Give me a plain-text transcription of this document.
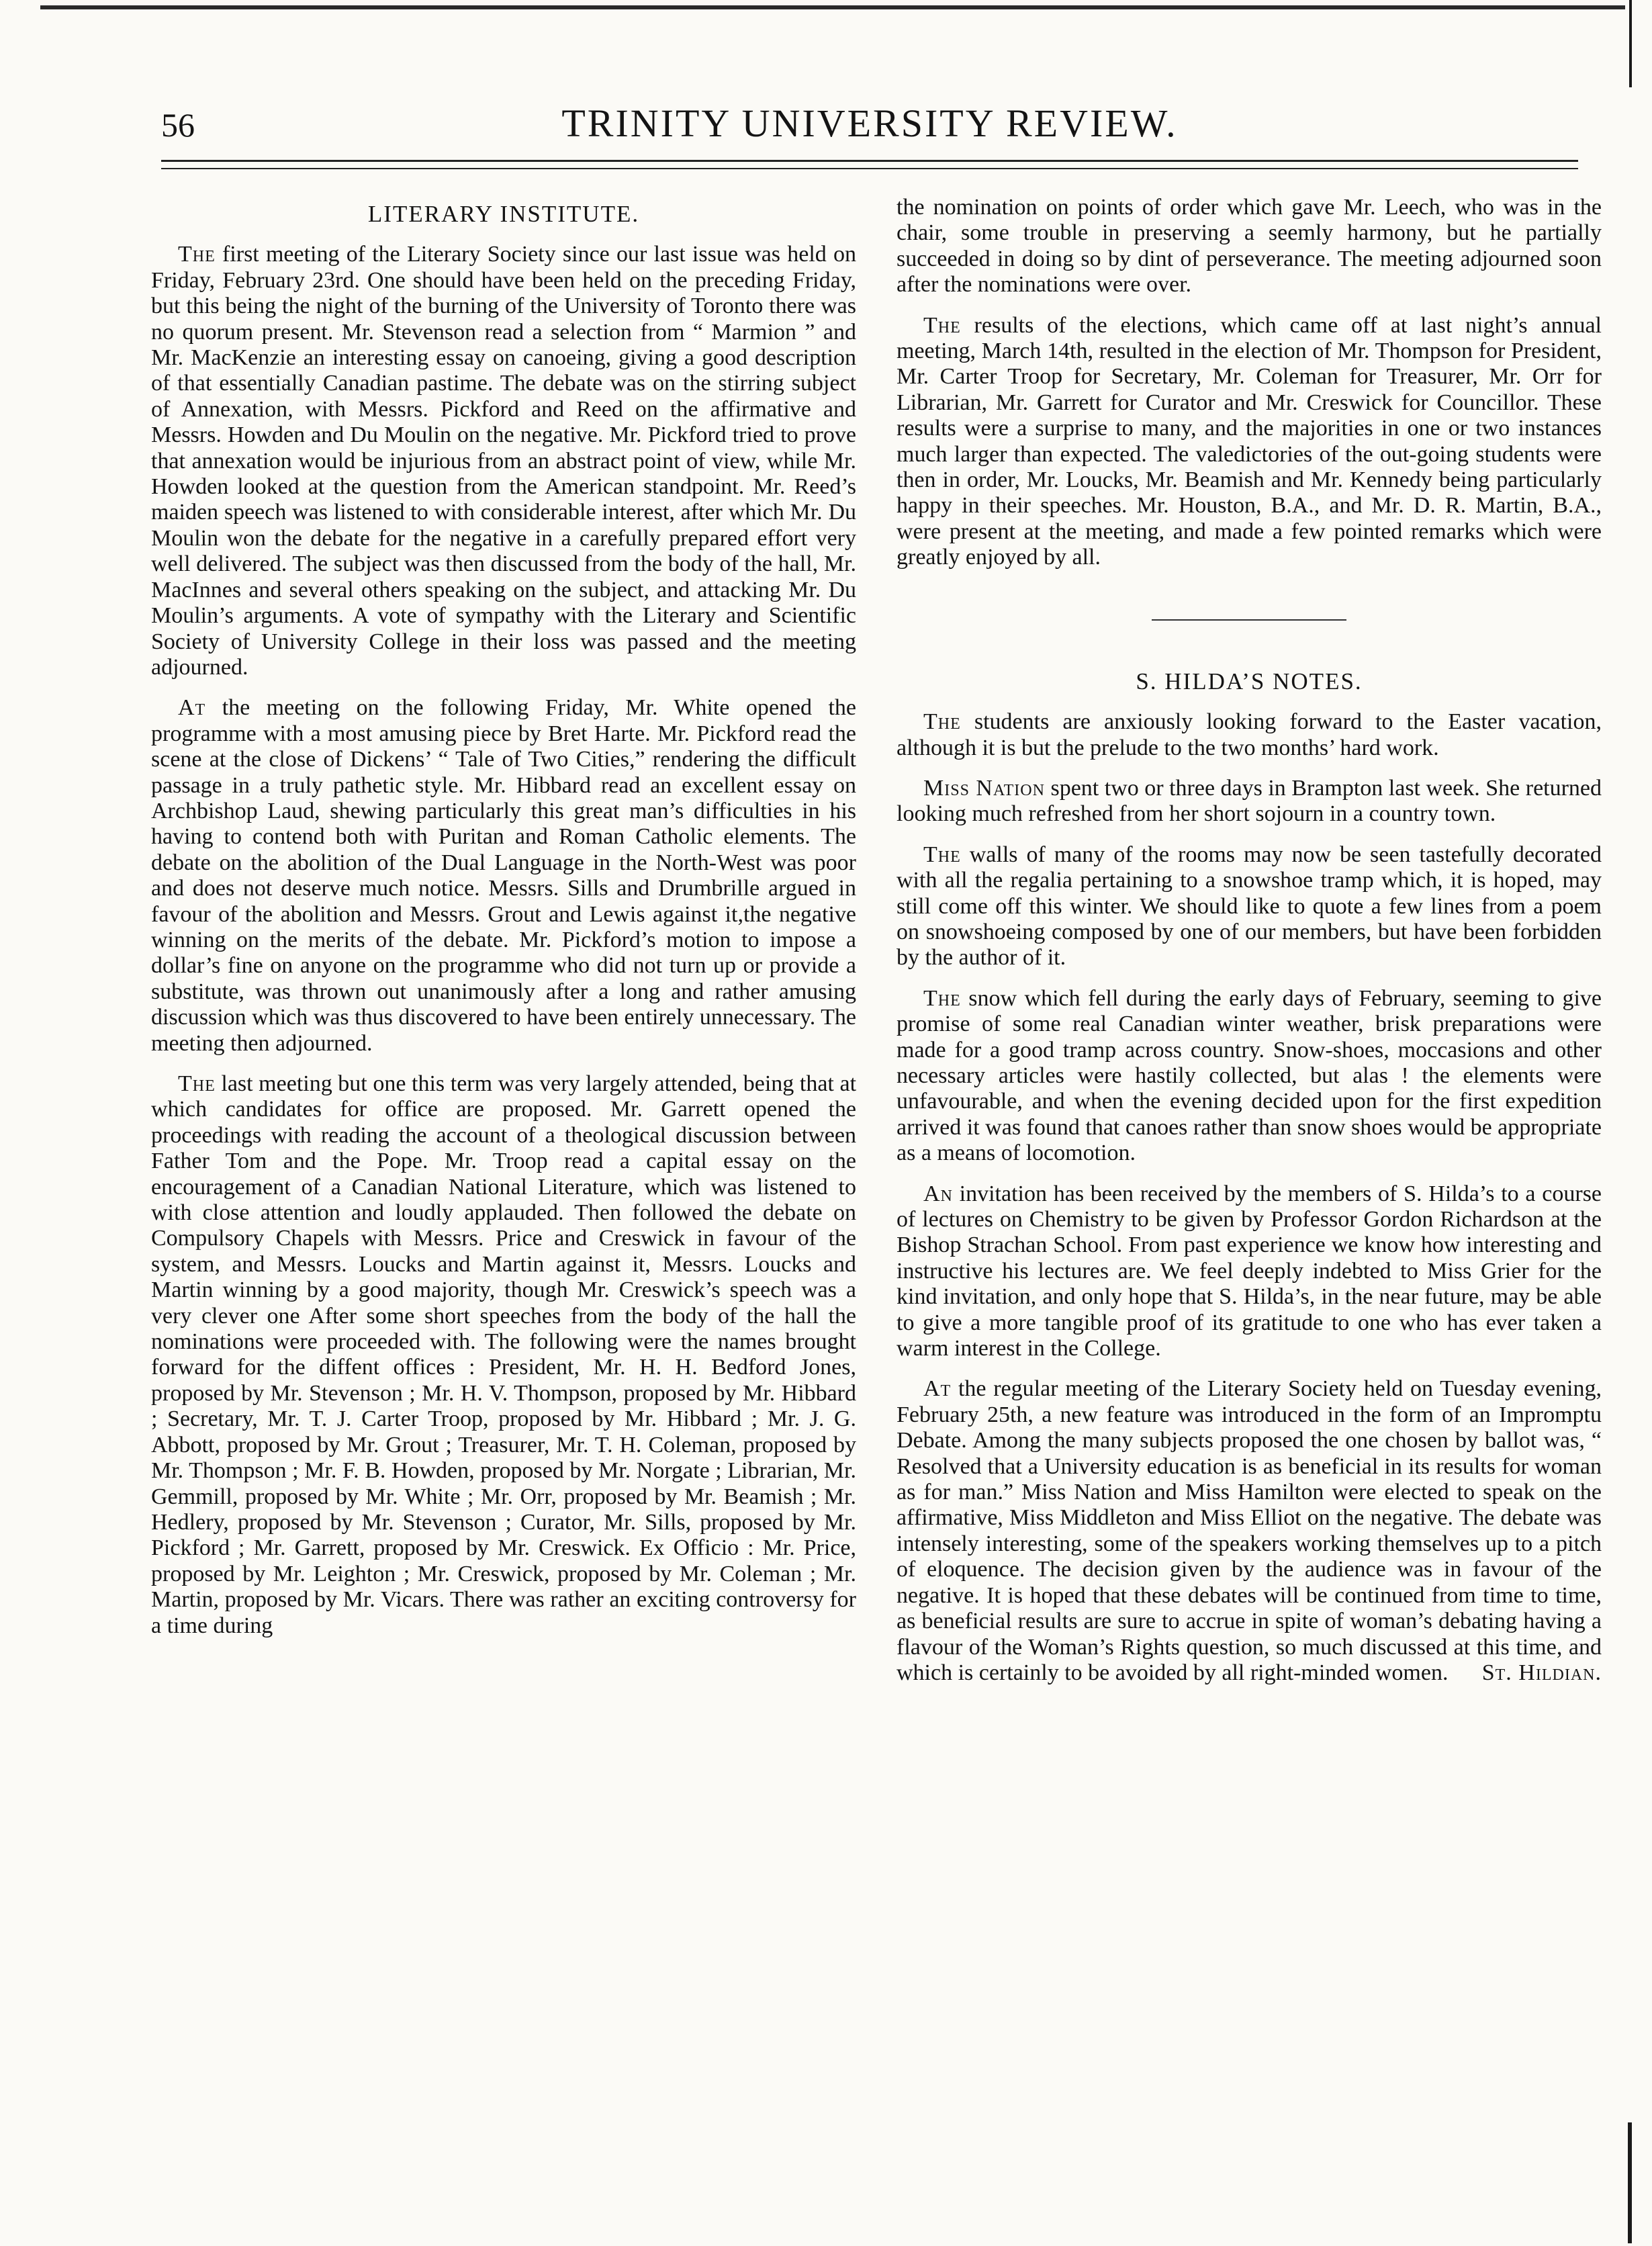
56	TRINITY UNIVERSITY REVIEW.
LITERARY INSTITUTE.

The first meeting of the Literary Society since our last issue was held on Friday, February 23rd. One should have been held on the preceding Friday, but this being the night of the burning of the University of Toronto there was no quorum present. Mr. Stevenson read a selection from “ Marmion ” and Mr. MacKenzie an interesting essay on canoeing, giving a good description of that essentially Canadian pastime. The debate was on the stirring subject of Annexation, with Messrs. Pickford and Reed on the affirmative and Messrs. Howden and Du Moulin on the negative. Mr. Pickford tried to prove that annexation would be injurious from an abstract point of view, while Mr. Howden looked at the question from the American standpoint. Mr. Reed’s maiden speech was listened to with considerable interest, after which Mr. Du Moulin won the debate for the negative in a carefully prepared effort very well delivered. The subject was then discussed from the body of the hall, Mr. MacInnes and several others speaking on the subject, and attacking Mr. Du Moulin’s arguments. A vote of sympathy with the Literary and Scientific Society of University College in their loss was passed and the meeting adjourned.

At the meeting on the following Friday, Mr. White opened the programme with a most amusing piece by Bret Harte. Mr. Pickford read the scene at the close of Dickens’ “ Tale of Two Cities,” rendering the difficult passage in a truly pathetic style. Mr. Hibbard read an excellent essay on Archbishop Laud, shewing particularly this great man’s difficulties in his having to contend both with Puritan and Roman Catholic elements. The debate on the abolition of the Dual Language in the North-West was poor and does not deserve much notice. Messrs. Sills and Drumbrille argued in favour of the abolition and Messrs. Grout and Lewis against it,the negative winning on the merits of the debate. Mr. Pickford’s motion to impose a dollar’s fine on anyone on the programme who did not turn up or provide a substitute, was thrown out unanimously after a long and rather amusing discussion which was thus discovered to have been entirely unnecessary. The meeting then adjourned.

The last meeting but one this term was very largely attended, being that at which candidates for office are proposed. Mr. Garrett opened the proceedings with reading the account of a theological discussion between Father Tom and the Pope. Mr. Troop read a capital essay on the encouragement of a Canadian National Literature, which was listened to with close attention and loudly applauded. Then followed the debate on Compulsory Chapels with Messrs. Price and Creswick in favour of the system, and Messrs. Loucks and Martin against it, Messrs. Loucks and Martin winning by a good majority, though Mr. Creswick’s speech was a very clever one After some short speeches from the body of the hall the nominations were proceeded with. The following were the names brought forward for the diffent offices : President, Mr. H. H. Bedford Jones, proposed by Mr. Stevenson ; Mr. H. V. Thompson, proposed by Mr. Hibbard ; Secretary, Mr. T. J. Carter Troop, proposed by Mr. Hibbard ; Mr. J. G. Abbott, proposed by Mr. Grout ; Treasurer, Mr. T. H. Coleman, proposed by Mr. Thompson ; Mr. F. B. Howden, proposed by Mr. Norgate ; Librarian, Mr. Gemmill, proposed by Mr. White ; Mr. Orr, proposed by Mr. Beamish ; Mr. Hedlery, proposed by Mr. Stevenson ; Curator, Mr. Sills, proposed by Mr. Pickford ; Mr. Garrett, proposed by Mr. Creswick. Ex Officio : Mr. Price, proposed by Mr. Leighton ; Mr. Creswick, proposed by Mr. Coleman ; Mr. Martin, proposed by Mr. Vicars. There was rather an exciting controversy for a time during

the nomination on points of order which gave Mr. Leech, who was in the chair, some trouble in preserving a seemly harmony, but he partially succeeded in doing so by dint of perseverance. The meeting adjourned soon after the nominations were over.

The results of the elections, which came off at last night’s annual meeting, March 14th, resulted in the election of Mr. Thompson for President, Mr. Carter Troop for Secretary, Mr. Coleman for Treasurer, Mr. Orr for Librarian, Mr. Garrett for Curator and Mr. Creswick for Councillor. These results were a surprise to many, and the majorities in one or two instances much larger than expected. The valedictories of the out-going students were then in order, Mr. Loucks, Mr. Beamish and Mr. Kennedy being particularly happy in their speeches. Mr. Houston, B.A., and Mr. D. R. Martin, B.A., were present at the meeting, and made a few pointed remarks which were greatly enjoyed by all.

S. HILDA’S NOTES.

The students are anxiously looking forward to the Easter vacation, although it is but the prelude to the two months’ hard work.

Miss Nation spent two or three days in Brampton last week. She returned looking much refreshed from her short sojourn in a country town.

The walls of many of the rooms may now be seen tastefully decorated with all the regalia pertaining to a snowshoe tramp which, it is hoped, may still come off this winter. We should like to quote a few lines from a poem on snowshoeing composed by one of our members, but have been forbidden by the author of it.

The snow which fell during the early days of February, seeming to give promise of some real Canadian winter weather, brisk preparations were made for a good tramp across country. Snow-shoes, moccasions and other necessary articles were hastily collected, but alas ! the elements were unfavourable, and when the evening decided upon for the first expedition arrived it was found that canoes rather than snow shoes would be appropriate as a means of locomotion.

An invitation has been received by the members of S. Hilda’s to a course of lectures on Chemistry to be given by Professor Gordon Richardson at the Bishop Strachan School. From past experience we know how interesting and instructive his lectures are. We feel deeply indebted to Miss Grier for the kind invitation, and only hope that S. Hilda’s, in the near future, may be able to give a more tangible proof of its gratitude to one who has ever taken a warm interest in the College.

At the regular meeting of the Literary Society held on Tuesday evening, February 25th, a new feature was introduced in the form of an Impromptu Debate. Among the many subjects proposed the one chosen by ballot was, “ Resolved that a University education is as beneficial in its results for woman as for man.” Miss Nation and Miss Hamilton were elected to speak on the affirmative, Miss Middleton and Miss Elliot on the negative. The debate was intensely interesting, some of the speakers working themselves up to a pitch of eloquence. The decision given by the audience was in favour of the negative. It is hoped that these debates will be continued from time to time, as beneficial results are sure to accrue in spite of woman’s debating having a flavour of the Woman’s Rights question, so much discussed at this time, and which is certainly to be avoided by all right-minded women.	St. Hildian.
